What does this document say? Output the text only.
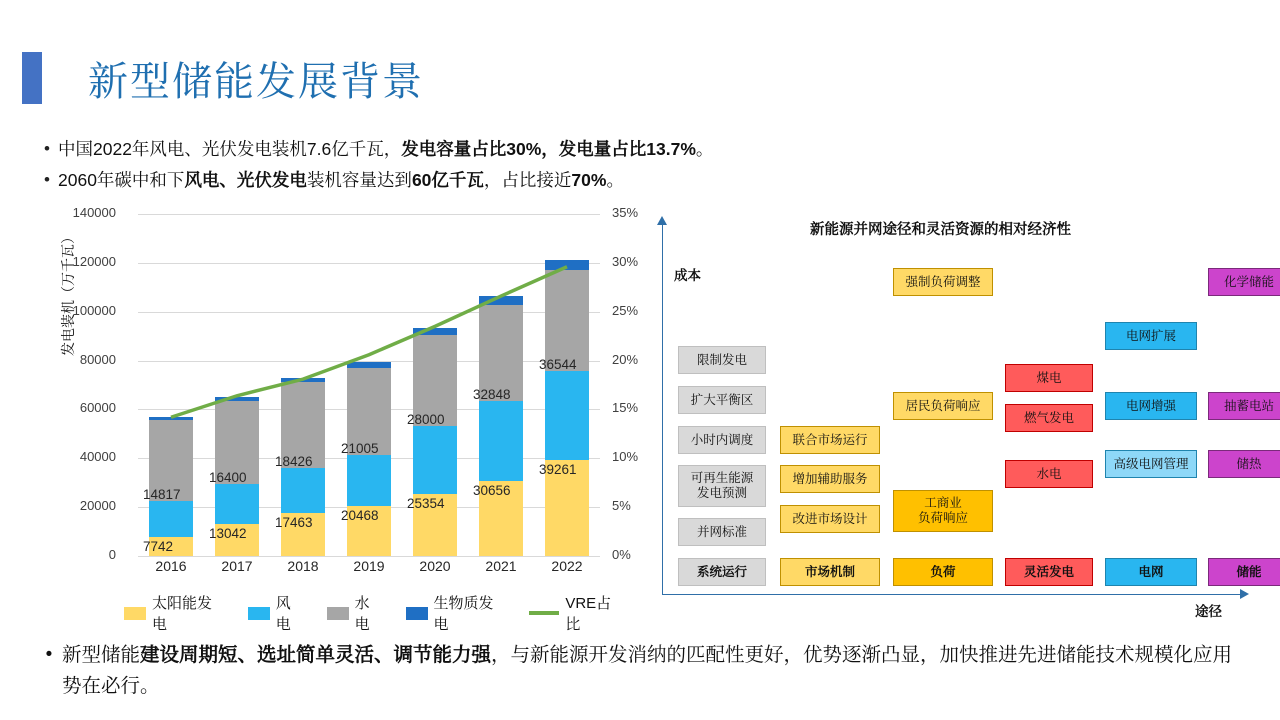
新型储能发展背景
• 中国2022年风电、光伏发电装机7.6亿千瓦，发电容量占比30%，发电量占比13.7%。
• 2060年碳中和下风电、光伏发电装机容量达到60亿千瓦，占比接近70%。
发电装机（万千瓦）
0
20000
40000
60000
80000
100000
120000
140000
0%
5%
10%
15%
20%
25%
30%
35%
2016	2017	2018	2019	2020	2021	2022
太阳能发电
风电
水电
生物质发电
VRE占比
7742
14817
13042
16400
17463
18426
20468
21005
25354
28000
30656
32848
39261
36544
新能源并网途径和灵活资源的相对经济性
成本
途径
限制发电
扩大平衡区
小时内调度
可再生能源
发电预测
并网标准
系统运行
联合市场运行
增加辅助服务
改进市场设计
市场机制
强制负荷调整
居民负荷响应
工商业
负荷响应
负荷
煤电
燃气发电
水电
灵活发电
电网扩展
电网增强
高级电网管理
电网
化学储能
抽蓄电站
储热
储能
• 新型储能建设周期短、选址简单灵活、调节能力强，与新能源开发消纳的匹配性更好，优势逐渐凸显，加快推进先进储能技术规模化应用势在必行。
